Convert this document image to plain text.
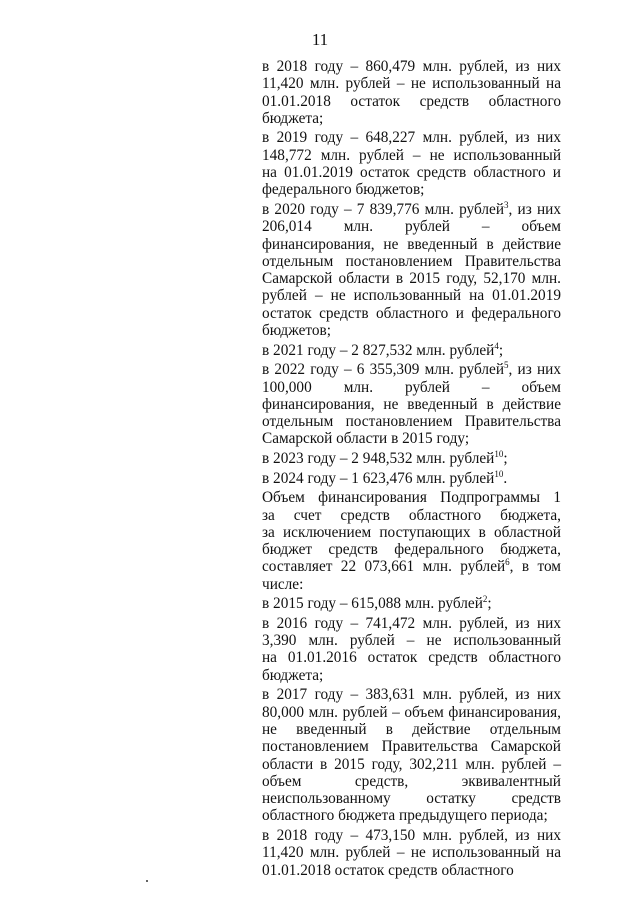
11
в 2018 году – 860,479 млн. рублей, из них
11,420 млн. рублей – не использованный на
01.01.2018 остаток средств областного
бюджета;
в 2019 году – 648,227 млн. рублей, из них
148,772 млн. рублей – не использованный
на 01.01.2019 остаток средств областного и
федерального бюджетов;
в 2020 году – 7 839,776 млн. рублей$^3$, из них
206,014 млн. рублей – объем
финансирования, не введенный в действие
отдельным постановлением Правительства
Самарской области в 2015 году, 52,170 млн.
рублей – не использованный на 01.01.2019
остаток средств областного и федерального
бюджетов;
в 2021 году – 2 827,532 млн. рублей$^4$;
в 2022 году – 6 355,309 млн. рублей$^5$, из них
100,000 млн. рублей – объем
финансирования, не введенный в действие
отдельным постановлением Правительства
Самарской области в 2015 году;
в 2023 году – 2 948,532 млн. рублей$^{10}$;
в 2024 году – 1 623,476 млн. рублей$^{10}$.
Объем финансирования Подпрограммы 1
за счет средств областного бюджета,
за исключением поступающих в областной
бюджет средств федерального бюджета,
составляет 22 073,661 млн. рублей$^6$, в том
числе:
в 2015 году – 615,088 млн. рублей$^2$;
в 2016 году – 741,472 млн. рублей, из них
3,390 млн. рублей – не использованный
на 01.01.2016 остаток средств областного
бюджета;
в 2017 году – 383,631 млн. рублей, из них
80,000 млн. рублей – объем финансирования,
не введенный в действие отдельным
постановлением Правительства Самарской
области в 2015 году, 302,211 млн. рублей –
объем средств, эквивалентный
неиспользованному остатку средств
областного бюджета предыдущего периода;
в 2018 году – 473,150 млн. рублей, из них
11,420 млн. рублей – не использованный на
01.01.2018 остаток средств областного
